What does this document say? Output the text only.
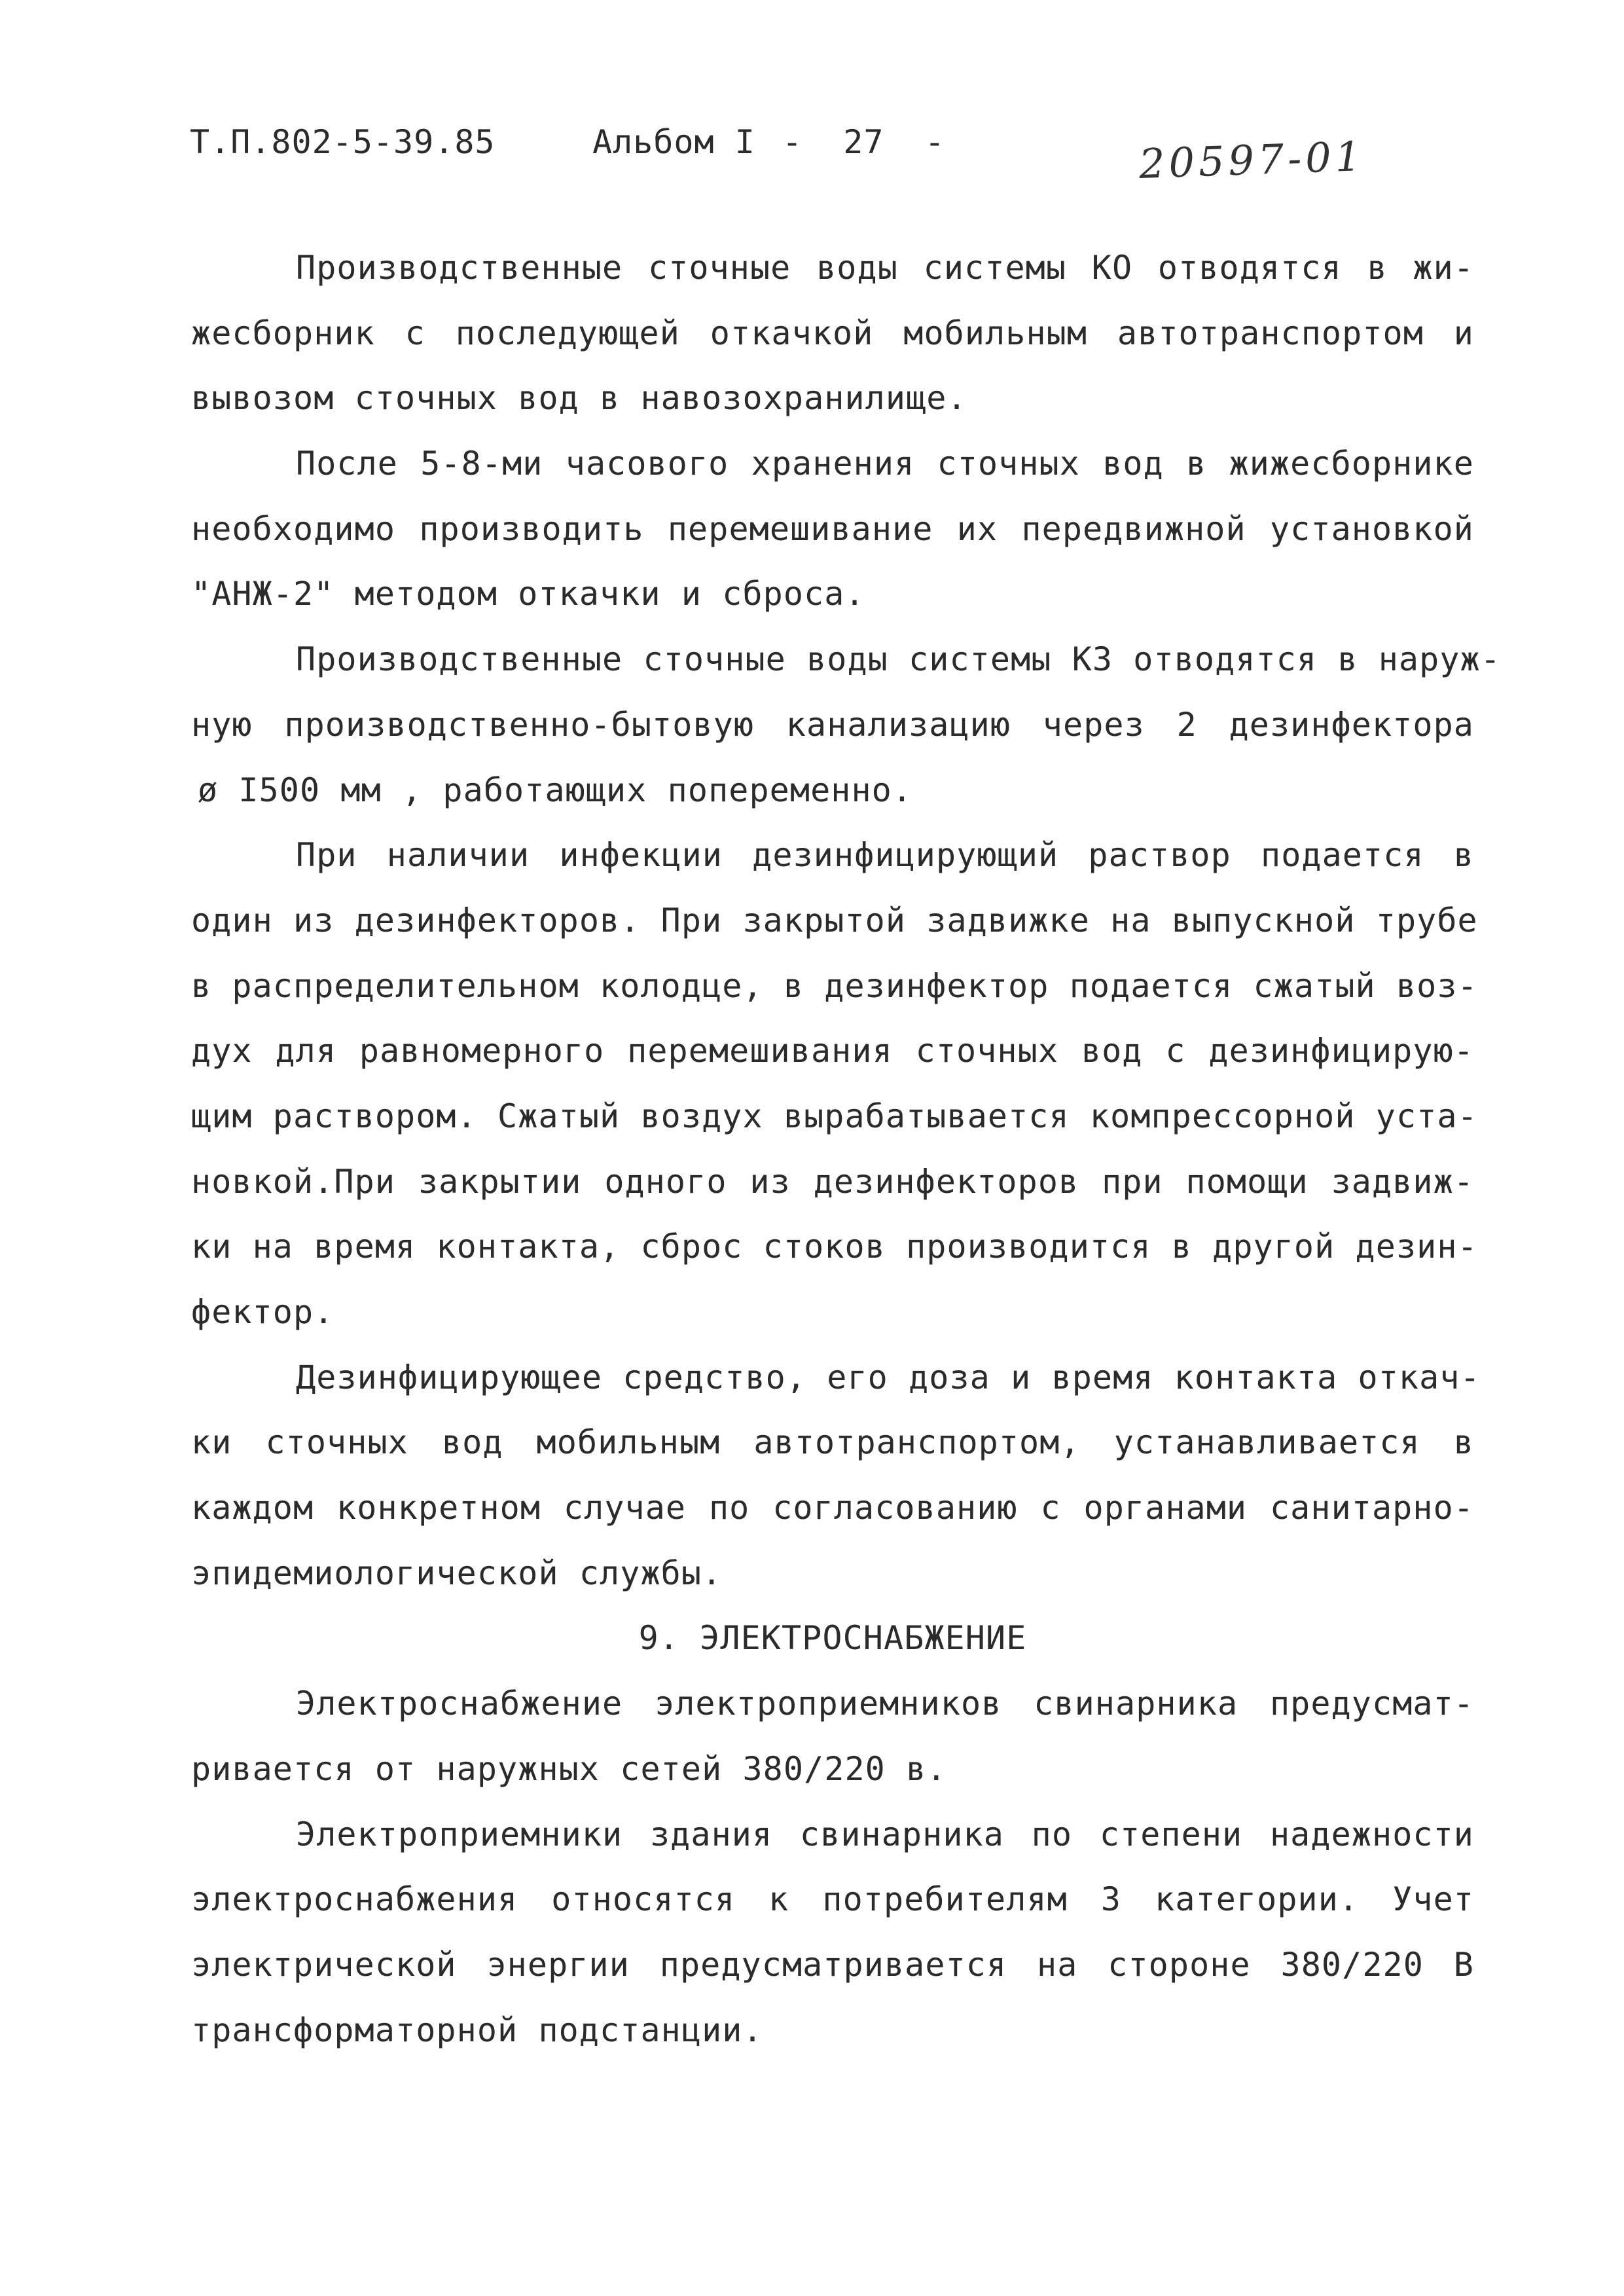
Т.П.802-5-39.85	Альбом I -  27  -	20597-01
Производственные сточные воды системы КО отводятся в жи-
жесборник с последующей откачкой мобильным автотранспортом и
вывозом сточных вод в навозохранилище.
После 5-8-ми часового хранения сточных вод в жижесборнике
необходимо производить перемешивание их передвижной установкой
"АНЖ-2" методом откачки и сброса.
Производственные сточные воды системы КЗ отводятся в наруж-
ную производственно-бытовую канализацию через 2 дезинфектора
ø I500 мм , работающих попеременно.
При наличии инфекции дезинфицирующий раствор подается в
один из дезинфекторов. При закрытой задвижке на выпускной трубе
в распределительном колодце, в дезинфектор подается сжатый воз-
дух для равномерного перемешивания сточных вод с дезинфицирую-
щим раствором. Сжатый воздух вырабатывается компрессорной уста-
новкой.При закрытии одного из дезинфекторов при помощи задвиж-
ки на время контакта, сброс стоков производится в другой дезин-
фектор.
Дезинфицирующее средство, его доза и время контакта откач-
ки сточных вод мобильным автотранспортом, устанавливается в
каждом конкретном случае по согласованию с органами санитарно-
эпидемиологической службы.
9. ЭЛЕКТРОСНАБЖЕНИЕ
Электроснабжение электроприемников свинарника предусмат-
ривается от наружных сетей 380/220 в.
Электроприемники здания свинарника по степени надежности
электроснабжения относятся к потребителям 3 категории. Учет
электрической энергии предусматривается на стороне 380/220 В
трансформаторной подстанции.
